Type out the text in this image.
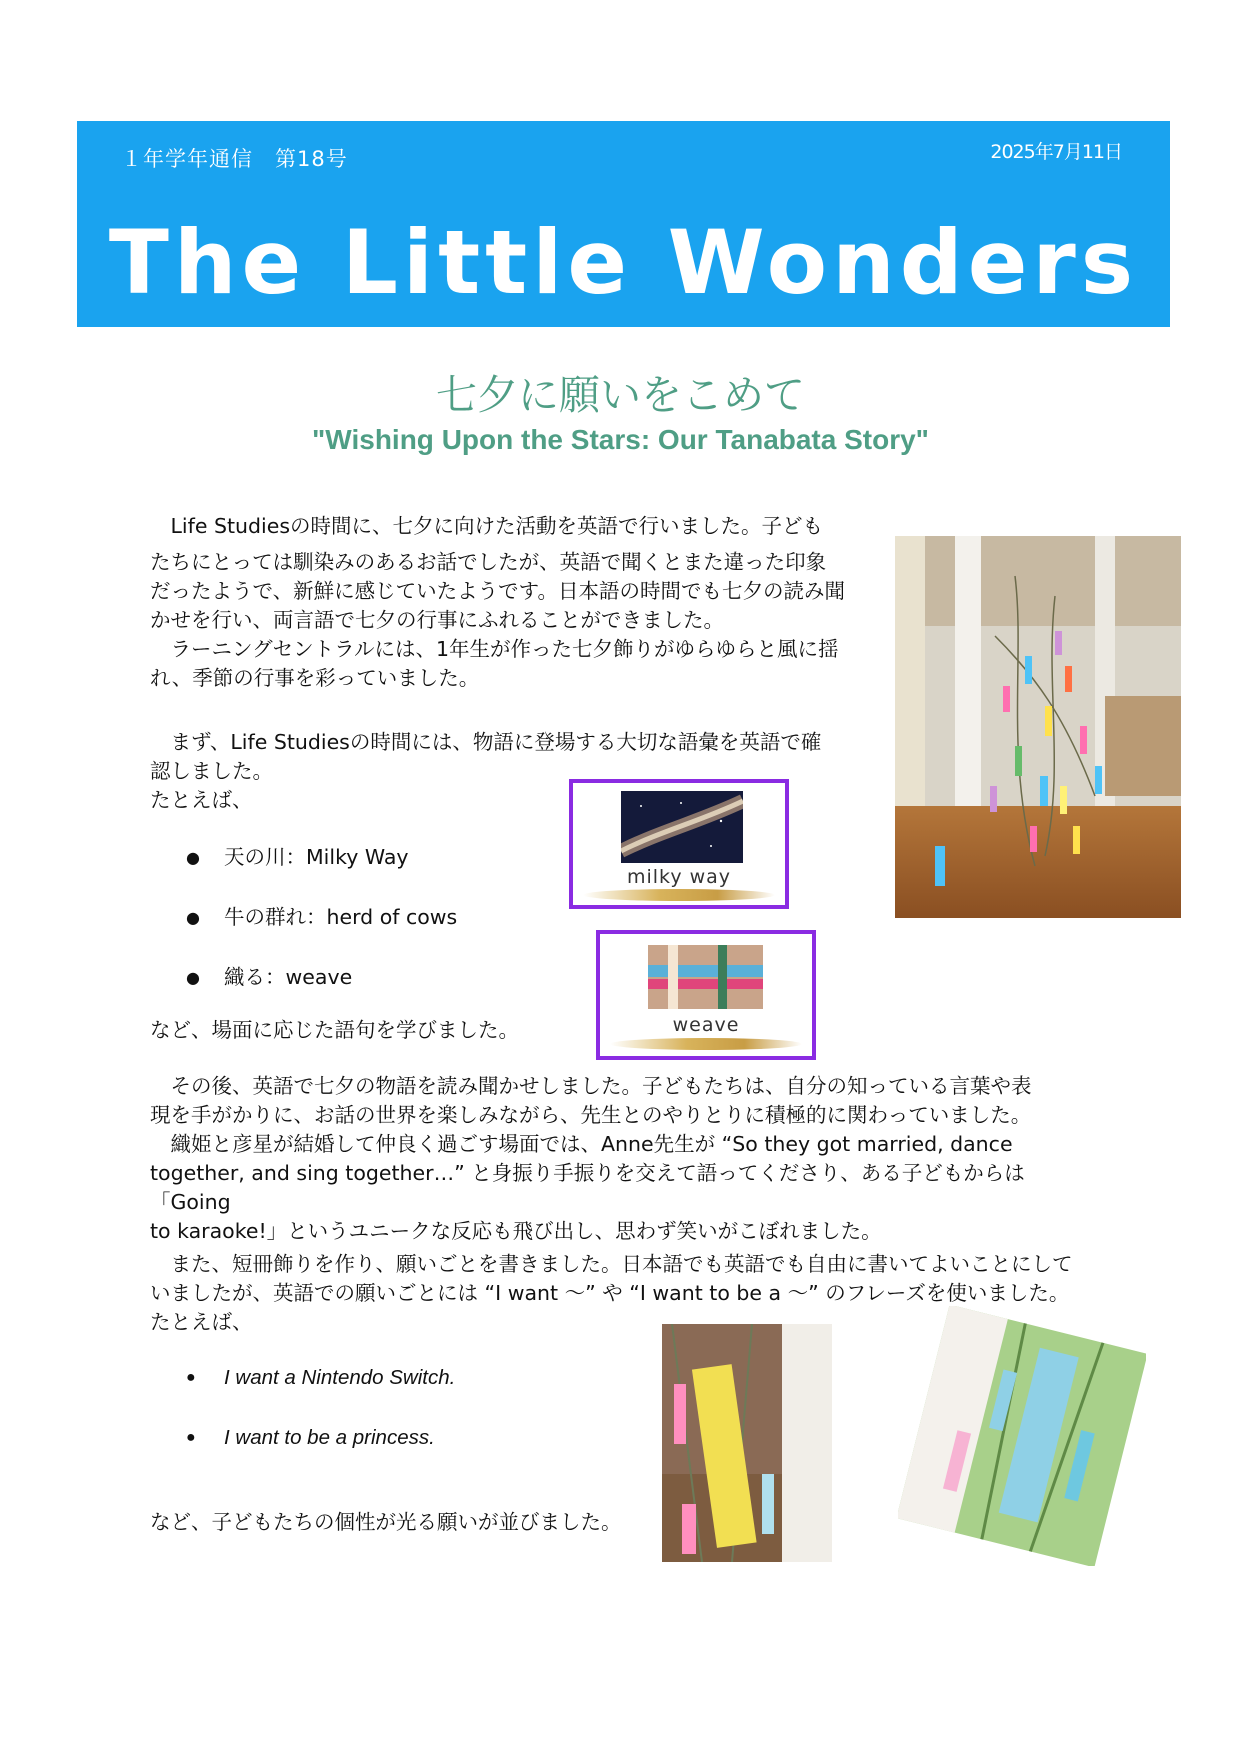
１年学年通信　第18号	2025年7月11日
The Little Wonders
七夕に願いをこめて
"Wishing Upon the Stars: Our Tanabata Story"

　Life Studiesの時間に、七夕に向けた活動を英語で行いました。子ども

たちにとっては馴染みのあるお話でしたが、英語で聞くとまた違った印象
だったようで、新鮮に感じていたようです。日本語の時間でも七夕の読み聞
かせを行い、両言語で七夕の行事にふれることができました。
　ラーニングセントラルには、1年生が作った七夕飾りがゆらゆらと風に揺
れ、季節の行事を彩っていました。

　まず、Life Studiesの時間には、物語に登場する大切な語彙を英語で確
認しました。
たとえば、

● 天の川：Milky Way
● 牛の群れ：herd of cows
● 織る：weave

など、場面に応じた語句を学びました。

milky way
weave

　その後、英語で七夕の物語を読み聞かせしました。子どもたちは、自分の知っている言葉や表
現を手がかりに、お話の世界を楽しみながら、先生とのやりとりに積極的に関わっていました。
　織姫と彦星が結婚して仲良く過ごす場面では、Anne先生が “So they got married, dance
together, and sing together…” と身振り手振りを交えて語ってくださり、ある子どもからは「Going
to karaoke!」というユニークな反応も飛び出し、思わず笑いがこぼれました。

　また、短冊飾りを作り、願いごとを書きました。日本語でも英語でも自由に書いてよいことにして
いましたが、英語での願いごとには “I want 〜” や “I want to be a 〜” のフレーズを使いました。
たとえば、

● I want a Nintendo Switch.
● I want to be a princess.

など、子どもたちの個性が光る願いが並びました。
